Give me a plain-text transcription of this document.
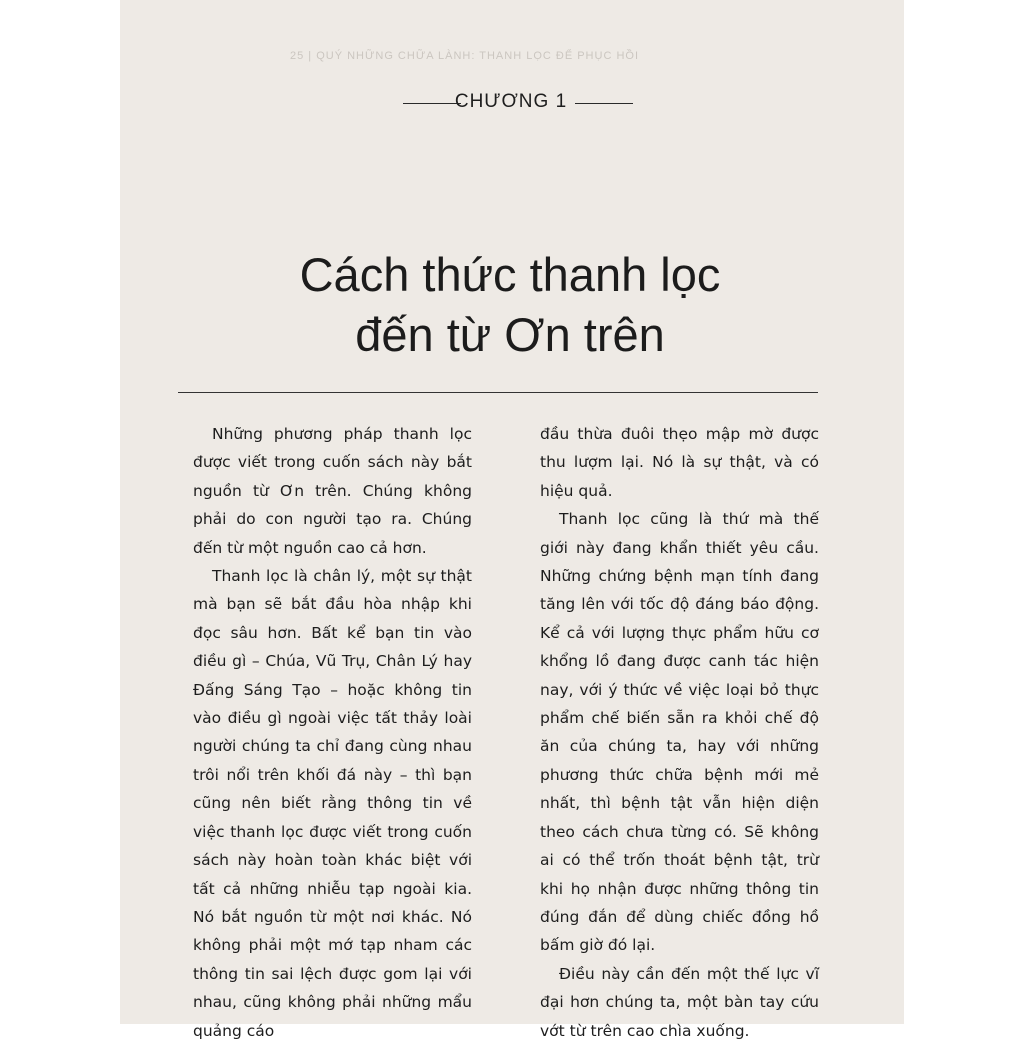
25 | QUÝ NHỮNG CHỮA LÀNH: THANH LỌC ĐỂ PHỤC HỒI
CHƯƠNG 1
Cách thức thanh lọc
đến từ Ơn trên

Những phương pháp thanh lọc được viết trong cuốn sách này bắt nguồn từ Ơn trên. Chúng không phải do con người tạo ra. Chúng đến từ một nguồn cao cả hơn.

Thanh lọc là chân lý, một sự thật mà bạn sẽ bắt đầu hòa nhập khi đọc sâu hơn. Bất kể bạn tin vào điều gì – Chúa, Vũ Trụ, Chân Lý hay Đấng Sáng Tạo – hoặc không tin vào điều gì ngoài việc tất thảy loài người chúng ta chỉ đang cùng nhau trôi nổi trên khối đá này – thì bạn cũng nên biết rằng thông tin về việc thanh lọc được viết trong cuốn sách này hoàn toàn khác biệt với tất cả những nhiễu tạp ngoài kia. Nó bắt nguồn từ một nơi khác. Nó không phải một mớ tạp nham các thông tin sai lệch được gom lại với nhau, cũng không phải những mẩu quảng cáo

đầu thừa đuôi thẹo mập mờ được thu lượm lại. Nó là sự thật, và có hiệu quả.

Thanh lọc cũng là thứ mà thế giới này đang khẩn thiết yêu cầu. Những chứng bệnh mạn tính đang tăng lên với tốc độ đáng báo động. Kể cả với lượng thực phẩm hữu cơ khổng lồ đang được canh tác hiện nay, với ý thức về việc loại bỏ thực phẩm chế biến sẵn ra khỏi chế độ ăn của chúng ta, hay với những phương thức chữa bệnh mới mẻ nhất, thì bệnh tật vẫn hiện diện theo cách chưa từng có. Sẽ không ai có thể trốn thoát bệnh tật, trừ khi họ nhận được những thông tin đúng đắn để dùng chiếc đồng hồ bấm giờ đó lại.

Điều này cần đến một thế lực vĩ đại hơn chúng ta, một bàn tay cứu vớt từ trên cao chìa xuống.
